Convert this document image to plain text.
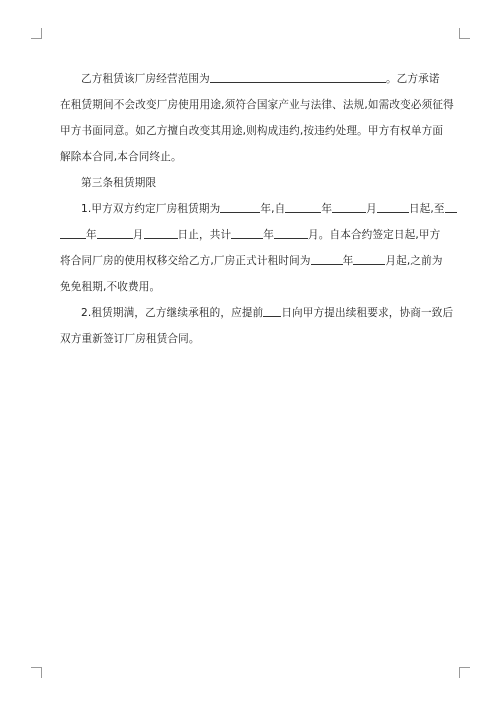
乙方租赁该厂房经营范围为	。乙方承诺

在租赁期间不会改变厂房使用用途,须符合国家产业与法律、法规,如需改变必须征得

甲方书面同意。如乙方擅自改变其用途,则构成违约,按违约处理。甲方有权单方面

解除本合同,本合同终止。

第三条租赁期限

1.甲方双方约定厂房租赁期为	年,自	年	月	日起,至

年	月	日止，共计	年	月。自本合约签定日起,甲方

将合同厂房的使用权移交给乙方,厂房正式计租时间为	年	月起,之前为

免免租期,不收费用。

2.租赁期满，乙方继续承租的，应提前 日向甲方提出续租要求，协商一致后

双方重新签订厂房租赁合同。
